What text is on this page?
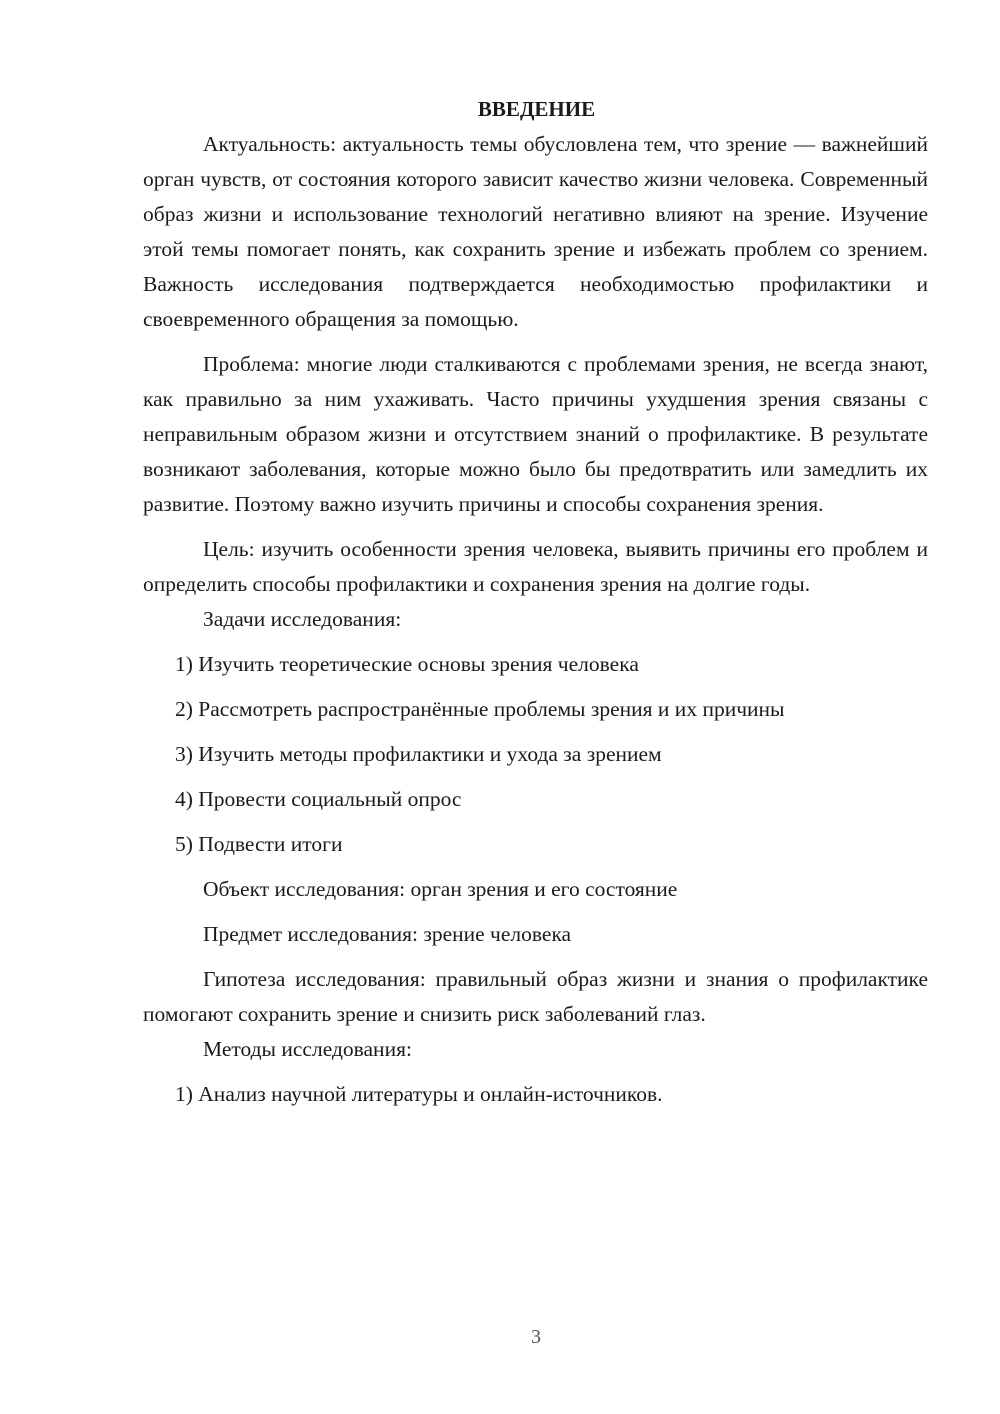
ВВЕДЕНИЕ

Актуальность: актуальность темы обусловлена тем, что зрение — важнейший орган чувств, от состояния которого зависит качество жизни человека. Современный образ жизни и использование технологий негативно влияют на зрение. Изучение этой темы помогает понять, как сохранить зрение и избежать проблем со зрением. Важность исследования подтверждается необходимостью профилактики и своевременного обращения за помощью.

Проблема: многие люди сталкиваются с проблемами зрения, не всегда знают, как правильно за ним ухаживать. Часто причины ухудшения зрения связаны с неправильным образом жизни и отсутствием знаний о профилактике. В результате возникают заболевания, которые можно было бы предотвратить или замедлить их развитие. Поэтому важно изучить причины и способы сохранения зрения.

Цель: изучить особенности зрения человека, выявить причины его проблем и определить способы профилактики и сохранения зрения на долгие годы.

Задачи исследования:

1) Изучить теоретические основы зрения человека

2) Рассмотреть распространённые проблемы зрения и их причины

3) Изучить методы профилактики и ухода за зрением

4) Провести социальный опрос

5) Подвести итоги

Объект исследования: орган зрения и его состояние

Предмет исследования: зрение человека

Гипотеза исследования: правильный образ жизни и знания о профилактике помогают сохранить зрение и снизить риск заболеваний глаз.

Методы исследования:

1) Анализ научной литературы и онлайн-источников.

3
